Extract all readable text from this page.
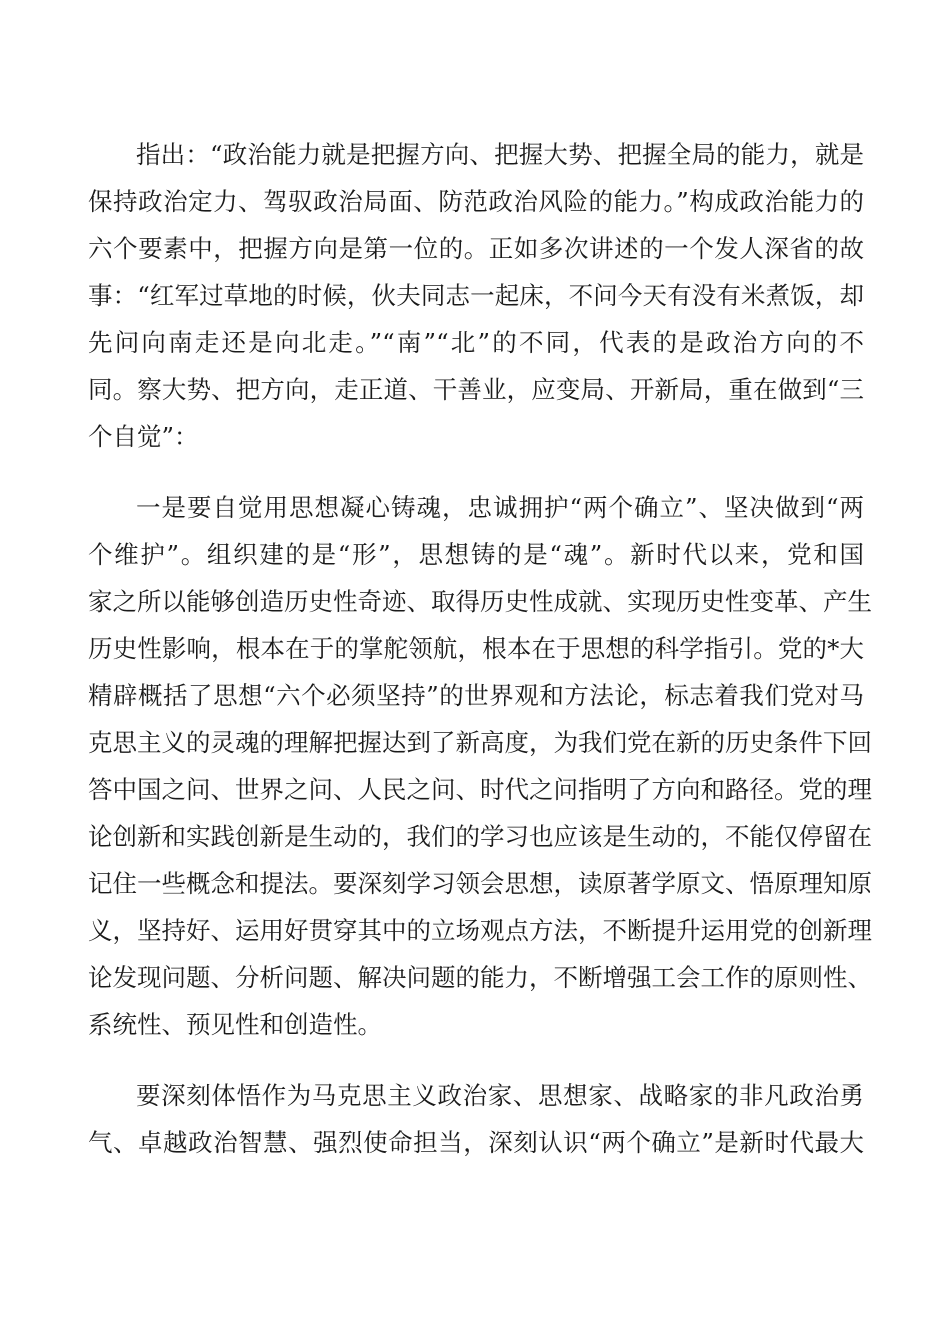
指出：“政治能力就是把握方向、把握大势、把握全局的能力，就是
保持政治定力、驾驭政治局面、防范政治风险的能力。”构成政治能力的
六个要素中，把握方向是第一位的。正如多次讲述的一个发人深省的故
事：“红军过草地的时候，伙夫同志一起床，不问今天有没有米煮饭，却
先问向南走还是向北走。”“南”“北”的不同，代表的是政治方向的不
同。察大势、把方向，走正道、干善业，应变局、开新局，重在做到“三
个自觉”：
一是要自觉用思想凝心铸魂，忠诚拥护“两个确立”、坚决做到“两
个维护”。组织建的是“形”，思想铸的是“魂”。新时代以来，党和国
家之所以能够创造历史性奇迹、取得历史性成就、实现历史性变革、产生
历史性影响，根本在于的掌舵领航，根本在于思想的科学指引。党的*大
精辟概括了思想“六个必须坚持”的世界观和方法论，标志着我们党对马
克思主义的灵魂的理解把握达到了新高度，为我们党在新的历史条件下回
答中国之问、世界之问、人民之问、时代之问指明了方向和路径。党的理
论创新和实践创新是生动的，我们的学习也应该是生动的，不能仅停留在
记住一些概念和提法。要深刻学习领会思想，读原著学原文、悟原理知原
义，坚持好、运用好贯穿其中的立场观点方法，不断提升运用党的创新理
论发现问题、分析问题、解决问题的能力，不断增强工会工作的原则性、
系统性、预见性和创造性。
要深刻体悟作为马克思主义政治家、思想家、战略家的非凡政治勇
气、卓越政治智慧、强烈使命担当，深刻认识“两个确立”是新时代最大
